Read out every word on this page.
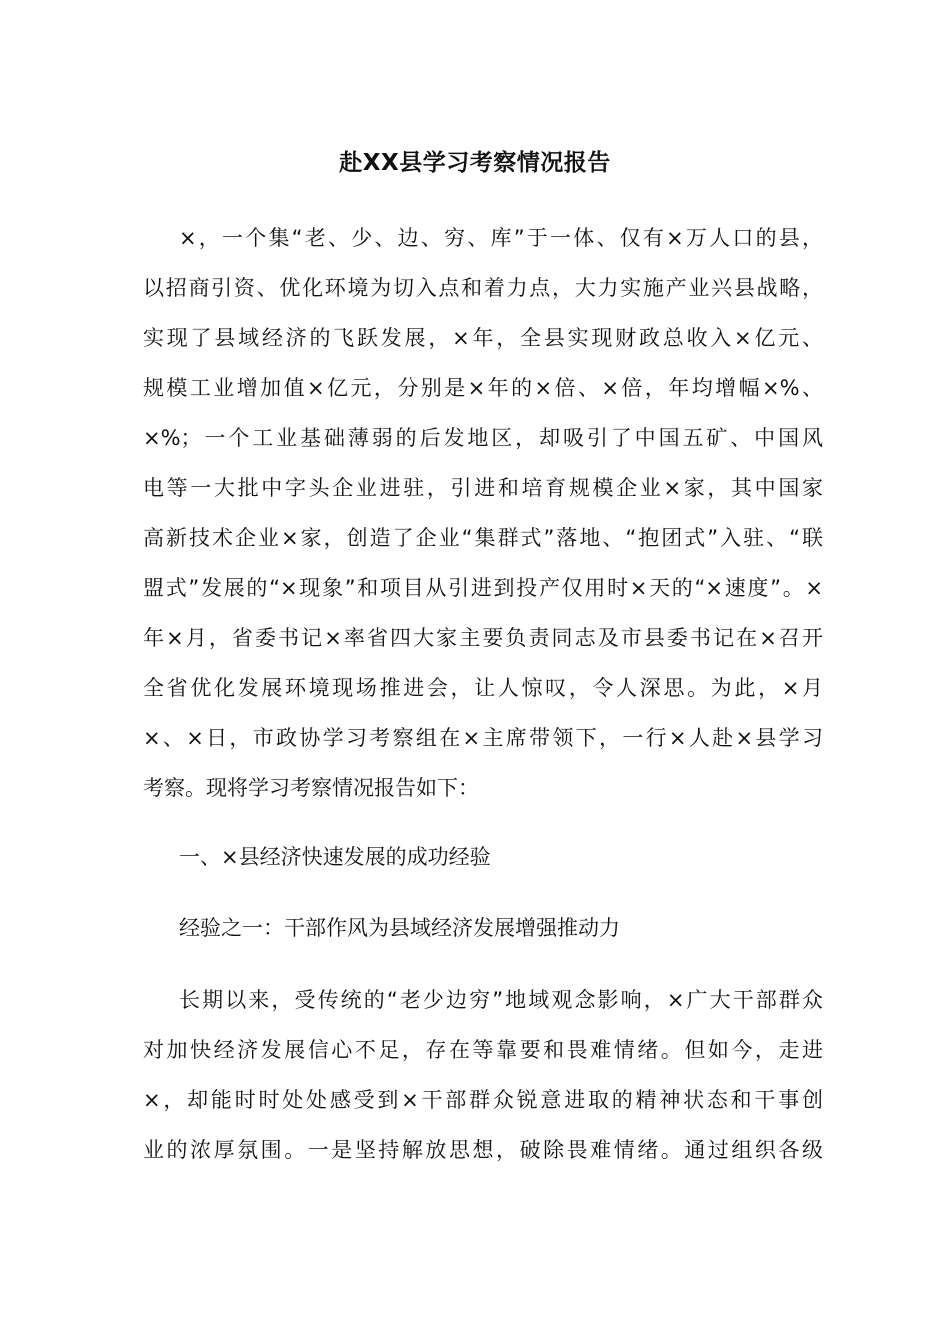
赴XX县学习考察情况报告
×，一个集“老、少、边、穷、库”于一体、仅有×万人口的县，
以招商引资、优化环境为切入点和着力点，大力实施产业兴县战略，
实现了县域经济的飞跃发展，×年，全县实现财政总收入×亿元、
规模工业增加值×亿元，分别是×年的×倍、×倍，年均增幅×%、
×%；一个工业基础薄弱的后发地区，却吸引了中国五矿、中国风
电等一大批中字头企业进驻，引进和培育规模企业×家，其中国家
高新技术企业×家，创造了企业“集群式”落地、“抱团式”入驻、“联
盟式”发展的“×现象”和项目从引进到投产仅用时×天的“×速度”。×
年×月，省委书记×率省四大家主要负责同志及市县委书记在×召开
全省优化发展环境现场推进会，让人惊叹，令人深思。为此，×月
×、×日，市政协学习考察组在×主席带领下，一行×人赴×县学习
考察。现将学习考察情况报告如下：
一、×县经济快速发展的成功经验
经验之一：干部作风为县域经济发展增强推动力
长期以来，受传统的“老少边穷”地域观念影响，×广大干部群众
对加快经济发展信心不足，存在等靠要和畏难情绪。但如今，走进
×，却能时时处处感受到×干部群众锐意进取的精神状态和干事创
业的浓厚氛围。一是坚持解放思想，破除畏难情绪。通过组织各级
